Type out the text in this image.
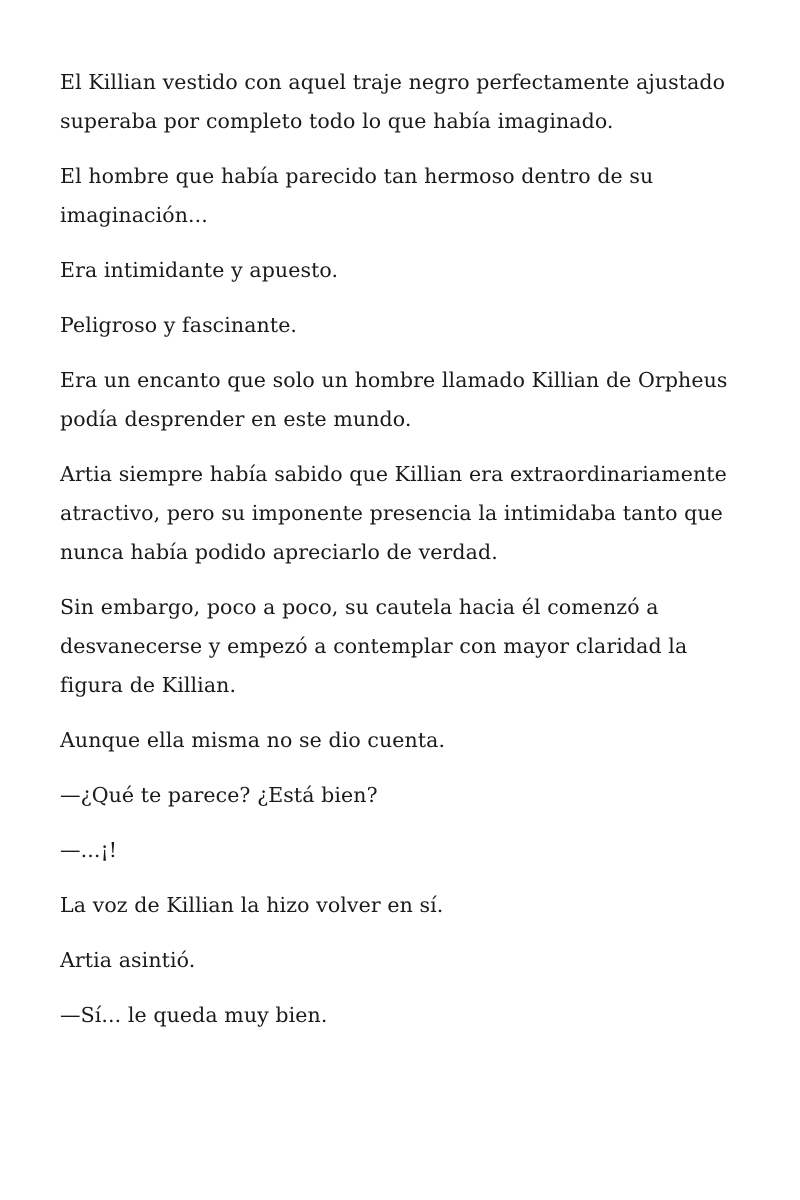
El Killian vestido con aquel traje negro perfectamente ajustado superaba por completo todo lo que había imaginado.

El hombre que había parecido tan hermoso dentro de su imaginación...

Era intimidante y apuesto.

Peligroso y fascinante.

Era un encanto que solo un hombre llamado Killian de Orpheus podía desprender en este mundo.

Artia siempre había sabido que Killian era extraordinariamente atractivo, pero su imponente presencia la intimidaba tanto que nunca había podido apreciarlo de verdad.

Sin embargo, poco a poco, su cautela hacia él comenzó a desvanecerse y empezó a contemplar con mayor claridad la figura de Killian.

Aunque ella misma no se dio cuenta.

—¿Qué te parece? ¿Está bien?

—...¡!

La voz de Killian la hizo volver en sí.

Artia asintió.

—Sí... le queda muy bien.
